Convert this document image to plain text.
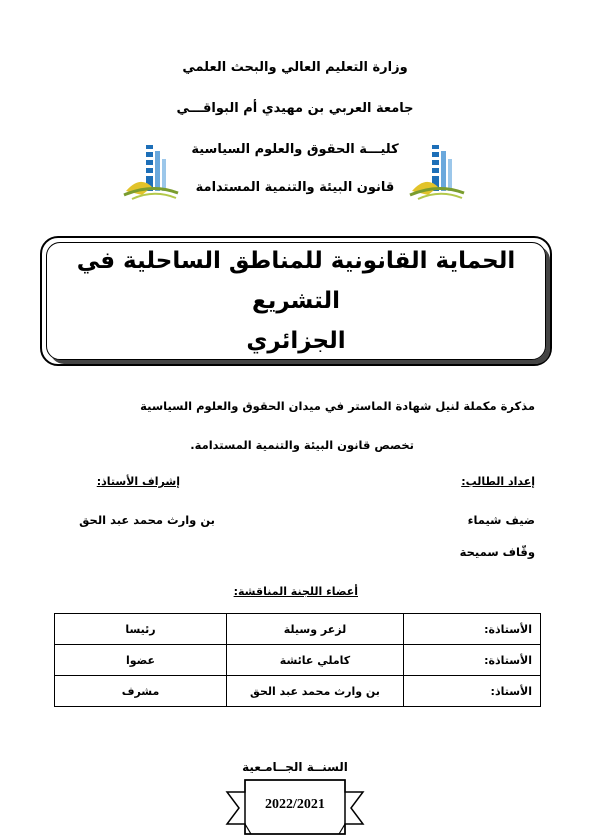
وزارة التعليم العالي والبحث العلمي
جامعة العربي بن مهيدي أم البواقـــي
كليـــة الحقوق والعلوم السياسية
قانون البيئة والتنمية المستدامة
الحماية القانونية للمناطق الساحلية في التشريع
الجزائري
مذكرة مكملة لنيل شهادة الماستر في ميدان الحقوق والعلوم السياسية
تخصص قانون البيئة والتنمية المستدامة.
إعداد الطالب:
إشراف الأستاذ:
ضيف شيماء
بن وارث محمد عبد الحق
وقّاف سميحة
أعضاء اللجنة المناقشة:
الأستاذة:	لزعر وسيلة	رئيسا
الأستاذة:	كاملي عائشة	عضوا
الأستاذ:	بن وارث محمد عبد الحق	مشرف
السنــة الجــامـعية
2022/2021
